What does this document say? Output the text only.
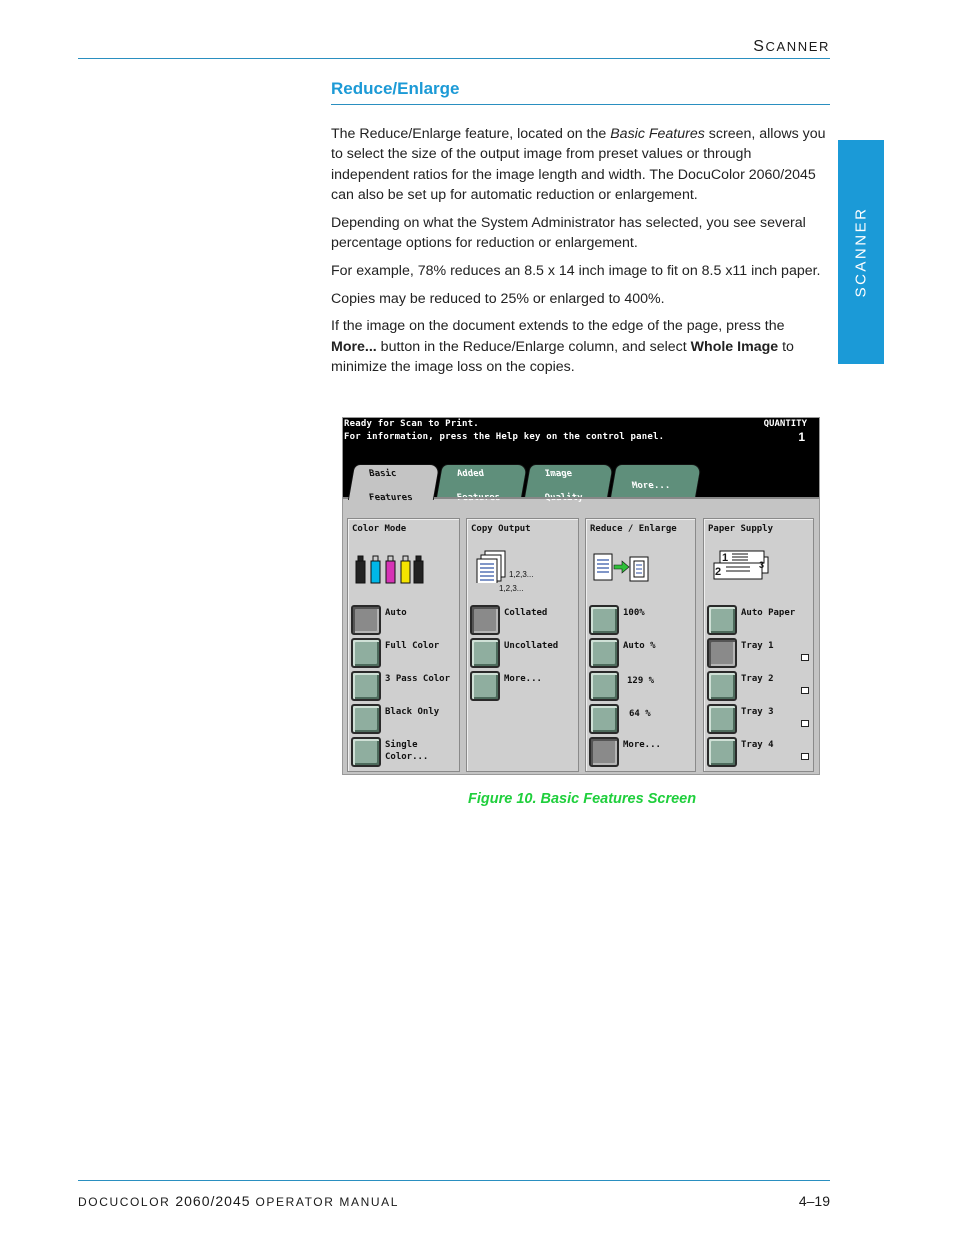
SCANNER
Reduce/Enlarge
SCANNER

The Reduce/Enlarge feature, located on the Basic Features screen, allows you to select the size of the output image from preset values or through independent ratios for the image length and width. The DocuColor 2060/2045 can also be set up for automatic reduction or enlargement.

Depending on what the System Administrator has selected, you see several percentage options for reduction or enlargement.

For example, 78% reduces an 8.5 x 14 inch image to fit on 8.5 x11 inch paper.

Copies may be reduced to 25% or enlarged to 400%.

If the image on the document extends to the edge of the page, press the More... button in the Reduce/Enlarge column, and select Whole Image to minimize the image loss on the copies.

Ready for Scan to Print.
For information, press the Help key on the control panel.
QUANTITY
1
Basic

Features
Added	Image

More...
Color Mode
Auto
Full Color
3 Pass Color
Black Only
Single
Color...
Copy Output
1,2,3...
1,2,3...
Collated
Uncollated
More...
Reduce / Enlarge
100%
Auto %
129 %
64 %
More...
Paper Supply
1
2
3
Auto Paper
Tray 1
Tray 2
Tray 3
Tray 4
Figure 10. Basic Features Screen
DOCUCOLOR 2060/2045 OPERATOR MANUAL	4–19
